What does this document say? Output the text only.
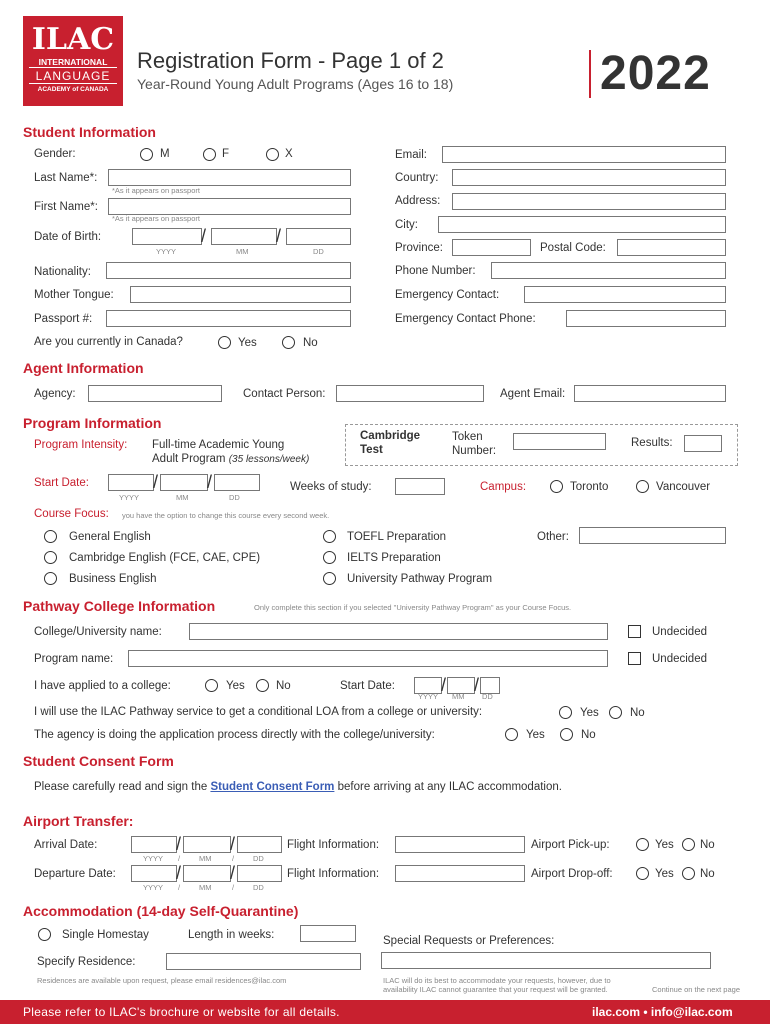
ILAC
INTERNATIONAL
LANGUAGE
ACADEMY of CANADA
Registration Form - Page 1 of 2
Year-Round Young Adult Programs (Ages 16 to 18)	2022
Student Information
Gender:	M	F	X
Last Name*:
*As it appears on passport
First Name*:
*As it appears on passport
Date of Birth:	/	/
YYYY	MM	DD
Nationality:
Mother Tongue:
Passport #:
Are you currently in Canada?	Yes	No
Email:
Country:
Address:
City:
Province:	Postal Code:
Phone Number:
Emergency Contact:
Emergency Contact Phone:
Agent Information
Agency:	Contact Person:	Agent Email:
Program Information
Program Intensity: Full-time Academic Young
Adult Program (35 lessons/week)
Cambridge
Test
Token
Number:
Results:
Start Date:	/	/
YYYY	MM	DD
Weeks of study:	Campus:	Toronto	Vancouver
Course Focus: you have the option to change this course every second week.
General English
Cambridge English (FCE, CAE, CPE)
Business English
TOEFL Preparation
IELTS Preparation
University Pathway Program
Other:
Pathway College Information	Only complete this section if you selected "University Pathway Program" as your Course Focus.
College/University name:	Undecided
Program name:	Undecided
I have applied to a college:	Yes	No	Start Date:	/ /
YYYY MM DD
I will use the ILAC Pathway service to get a conditional LOA from a college or university:	Yes	No
The agency is doing the application process directly with the college/university:	Yes	No
Student Consent Form
Please carefully read and sign the Student Consent Form before arriving at any ILAC accommodation.
Airport Transfer:
Arrival Date:	/	/
YYYY /	MM	/	DD
Flight Information:	Airport Pick-up:	Yes No
Departure Date:	/	/
YYYY /	MM	/	DD
Flight Information:	Airport Drop-off:	Yes No
Accommodation (14-day Self-Quarantine)
Single Homestay	Length in weeks:	Special Requests or Preferences:
Specify Residence:
Residences are available upon request, please email residences@ilac.com	ILAC will do its best to accommodate your requests, however, due to
availability ILAC cannot guarantee that your request will be granted.	Continue on the next page
Please refer to ILAC's brochure or website for all details.	ilac.com • info@ilac.com
